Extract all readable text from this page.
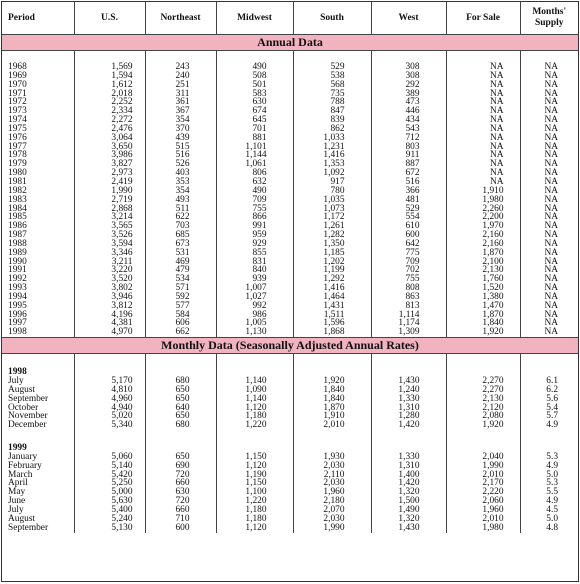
Period	U.S.	Northeast	Midwest	South	West	For Sale	Months' Supply
Annual Data							

1968	1,569	243	490	529	308	NA	NA
1969	1,594	240	508	538	308	NA	NA
1970	1,612	251	501	568	292	NA	NA
1971	2,018	311	583	735	389	NA	NA
1972	2,252	361	630	788	473	NA	NA
1973	2,334	367	674	847	446	NA	NA
1974	2,272	354	645	839	434	NA	NA
1975	2,476	370	701	862	543	NA	NA
1976	3,064	439	881	1,033	712	NA	NA
1977	3,650	515	1,101	1,231	803	NA	NA
1978	3,986	516	1,144	1,416	911	NA	NA
1979	3,827	526	1,061	1,353	887	NA	NA
1980	2,973	403	806	1,092	672	NA	NA
1981	2,419	353	632	917	516	NA	NA
1982	1,990	354	490	780	366	1,910	NA
1983	2,719	493	709	1,035	481	1,980	NA
1984	2,868	511	755	1,073	529	2,260	NA
1985	3,214	622	866	1,172	554	2,200	NA
1986	3,565	703	991	1,261	610	1,970	NA
1987	3,526	685	959	1,282	600	2,160	NA
1988	3,594	673	929	1,350	642	2,160	NA
1989	3,346	531	855	1,185	775	1,870	NA
1990	3,211	469	831	1,202	709	2,100	NA
1991	3,220	479	840	1,199	702	2,130	NA
1992	3,520	534	939	1,292	755	1,760	NA
1993	3,802	571	1,007	1,416	808	1,520	NA
1994	3,946	592	1,027	1,464	863	1,380	NA
1995	3,812	577	992	1,431	813	1,470	NA
1996	4,196	584	986	1,511	1,114	1,870	NA
1997	4,381	606	1,005	1,596	1,174	1,840	NA
1998	4,970	662	1,130	1,868	1,309	1,920	NA
Monthly Data (Seasonally Adjusted Annual Rates)							

1998							
July	5,170	680	1,140	1,920	1,430	2,270	6.1
August	4,810	650	1,090	1,840	1,240	2,270	6.2
September	4,960	650	1,140	1,840	1,330	2,130	5.6
October	4,940	640	1,120	1,870	1,310	2,120	5.4
November	5,020	650	1,180	1,910	1,280	2,080	5.7
December	5,340	680	1,220	2,010	1,420	1,920	4.9

1999							
January	5,060	650	1,150	1,930	1,330	2,040	5.3
February	5,140	690	1,120	2,030	1,310	1,990	4.9
March	5,420	720	1,190	2,110	1,400	2,010	5.0
April	5,250	660	1,150	2,030	1,420	2,170	5.3
May	5,000	630	1,100	1,960	1,320	2,220	5.5
June	5,630	720	1,220	2,180	1,500	2,060	4.9
July	5,400	660	1,180	2,070	1,490	1,960	4.5
August	5,240	710	1,180	2,030	1,320	2,010	5.0
September	5,130	600	1,120	1,990	1,430	1,980	4.8
